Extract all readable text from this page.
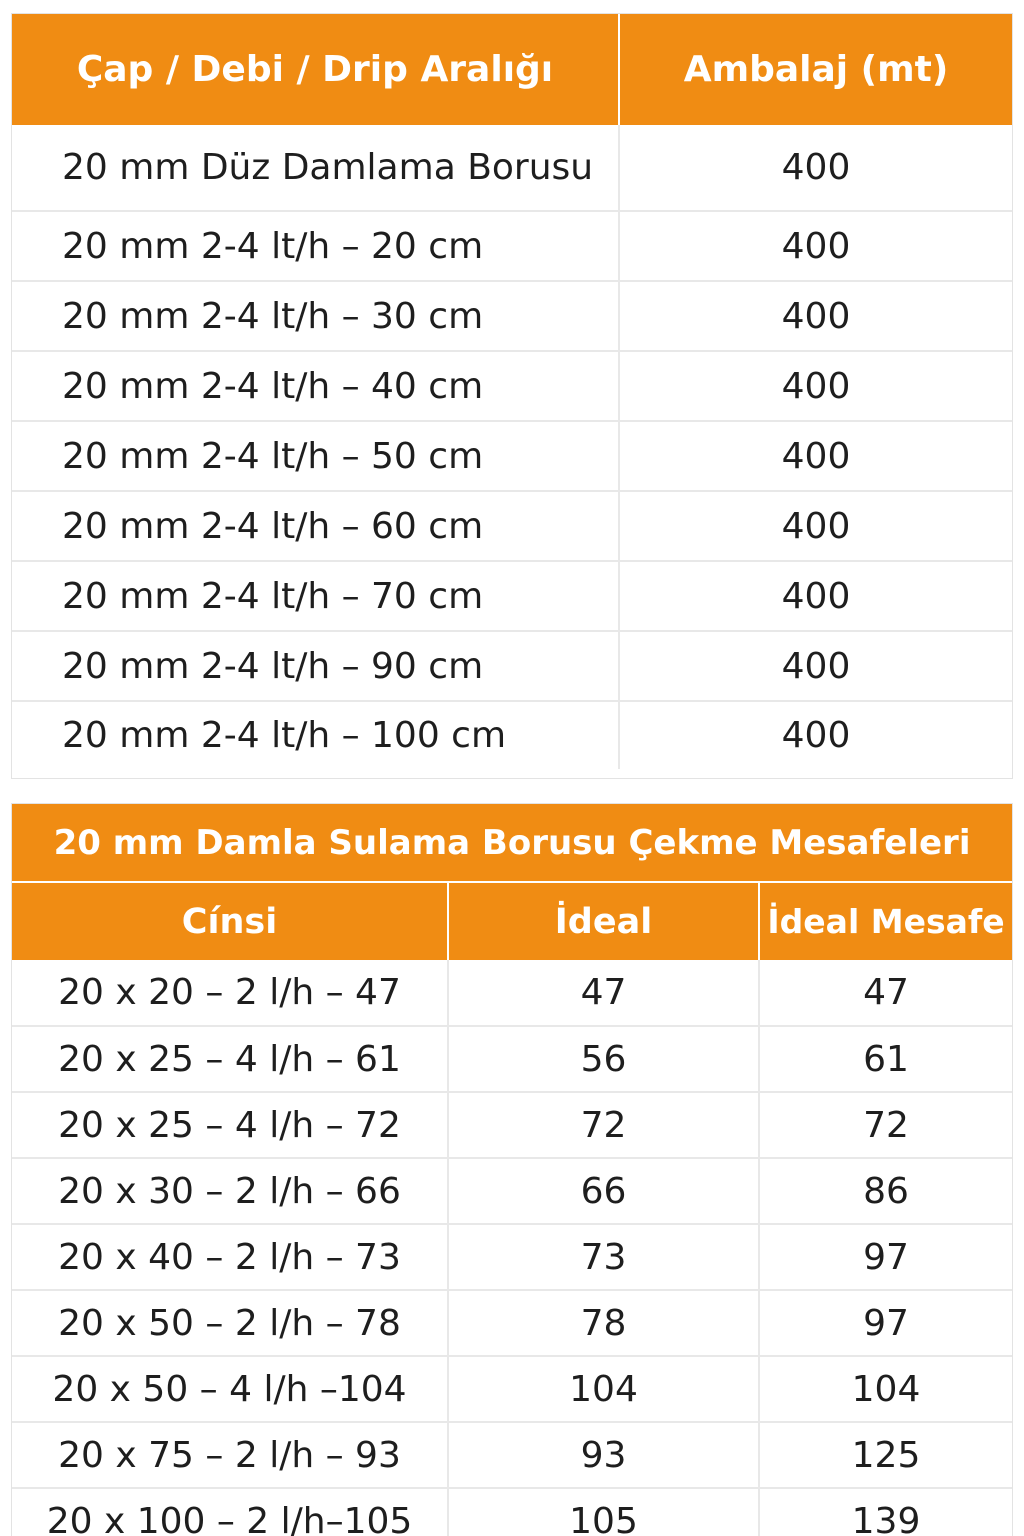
Çap / Debi / Drip Aralığı	Ambalaj (mt)
20 mm Düz Damlama Borusu	400
20 mm 2-4 lt/h – 20 cm	400
20 mm 2-4 lt/h – 30 cm	400
20 mm 2-4 lt/h – 40 cm	400
20 mm 2-4 lt/h – 50 cm	400
20 mm 2-4 lt/h – 60 cm	400
20 mm 2-4 lt/h – 70 cm	400
20 mm 2-4 lt/h – 90 cm	400
20 mm 2-4 lt/h – 100 cm	400
20 mm Damla Sulama Borusu Çekme Mesafeleri		
Cínsi	İdeal	İdeal Mesafe
20 x 20 – 2 l/h – 47	47	47
20 x 25 – 4 l/h – 61	56	61
20 x 25 – 4 l/h – 72	72	72
20 x 30 – 2 l/h – 66	66	86
20 x 40 – 2 l/h – 73	73	97
20 x 50 – 2 l/h – 78	78	97
20 x 50 – 4 l/h –104	104	104
20 x 75 – 2 l/h – 93	93	125
20 x 100 – 2 l/h–105	105	139
